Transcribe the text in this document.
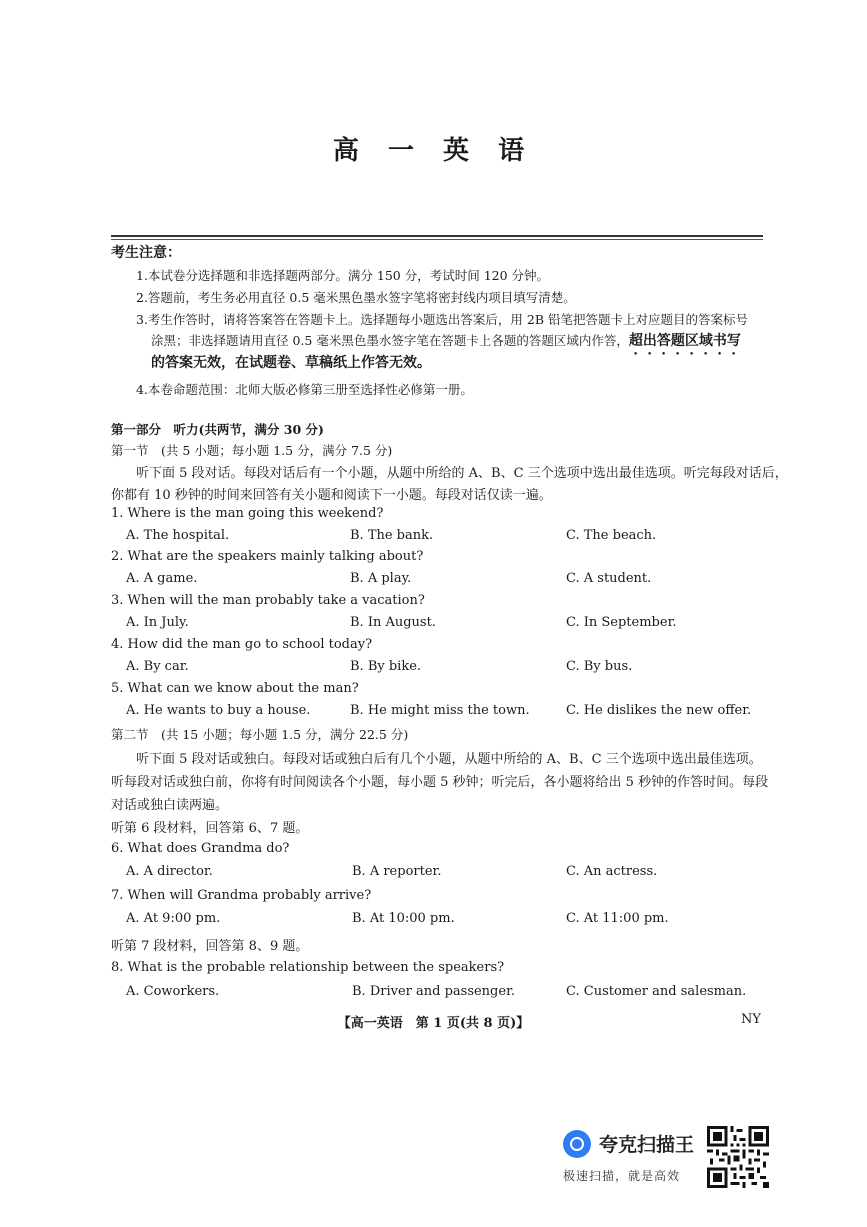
高 一 英 语
考生注意：
1.本试卷分选择题和非选择题两部分。满分 150 分，考试时间 120 分钟。
2.答题前，考生务必用直径 0.5 毫米黑色墨水签字笔将密封线内项目填写清楚。
3.考生作答时，请将答案答在答题卡上。选择题每小题选出答案后，用 2B 铅笔把答题卡上对应题目的答案标号
涂黑；非选择题请用直径 0.5 毫米黑色墨水签字笔在答题卡上各题的答题区域内作答，超出答题区域书写
的答案无效，在试题卷、草稿纸上作答无效。
4.本卷命题范围：北师大版必修第三册至选择性必修第一册。
第一部分　听力(共两节，满分 30 分)
第一节　(共 5 小题；每小题 1.5 分，满分 7.5 分)
听下面 5 段对话。每段对话后有一个小题，从题中所给的 A、B、C 三个选项中选出最佳选项。听完每段对话后，
你都有 10 秒钟的时间来回答有关小题和阅读下一小题。每段对话仅读一遍。
1. Where is the man going this weekend?
A. The hospital.	B. The bank.	C. The beach.
2. What are the speakers mainly talking about?
A. A game.	B. A play.	C. A student.
3. When will the man probably take a vacation?
A. In July.	B. In August.	C. In September.
4. How did the man go to school today?
A. By car.	B. By bike.	C. By bus.
5. What can we know about the man?
A. He wants to buy a house.	B. He might miss the town.	C. He dislikes the new offer.
第二节　(共 15 小题；每小题 1.5 分，满分 22.5 分)
听下面 5 段对话或独白。每段对话或独白后有几个小题，从题中所给的 A、B、C 三个选项中选出最佳选项。
听每段对话或独白前，你将有时间阅读各个小题，每小题 5 秒钟；听完后，各小题将给出 5 秒钟的作答时间。每段
对话或独白读两遍。
听第 6 段材料，回答第 6、7 题。
6. What does Grandma do?
A. A director.	B. A reporter.	C. An actress.
7. When will Grandma probably arrive?
A. At 9:00 pm.	B. At 10:00 pm.	C. At 11:00 pm.
听第 7 段材料，回答第 8、9 题。
8. What is the probable relationship between the speakers?
A. Coworkers.	B. Driver and passenger.	C. Customer and salesman.
【高一英语　第 1 页(共 8 页)】	NY
夸克扫描王
极速扫描，就是高效
